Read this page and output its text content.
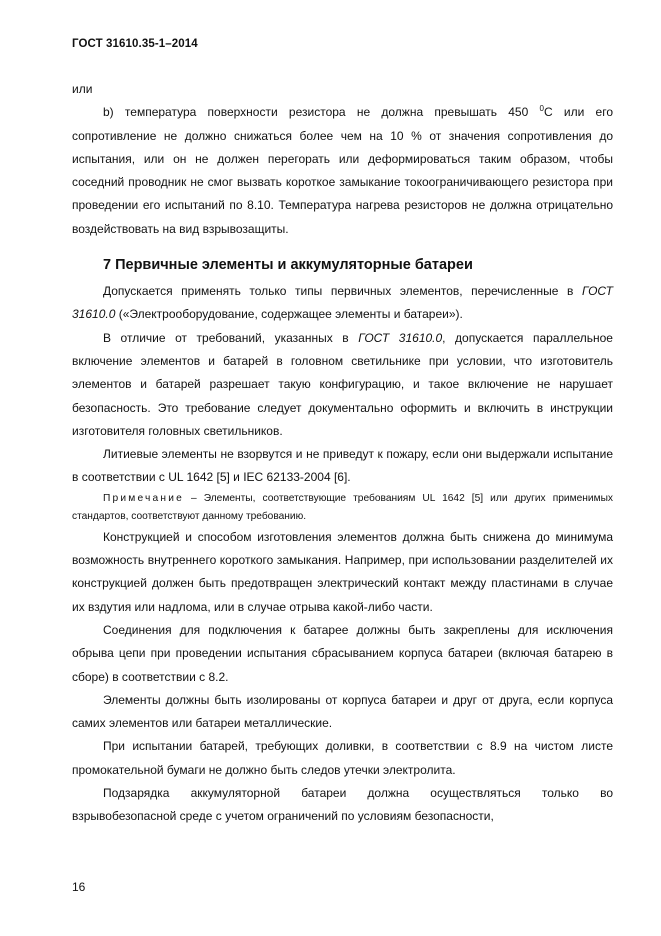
ГОСТ 31610.35-1–2014

или

b) температура поверхности резистора не должна превышать 450 $^0$С или его сопротивление не должно снижаться более чем на 10 % от значения сопротивления до испытания, или он не должен перегорать или деформироваться таким образом, чтобы соседний проводник не смог вызвать короткое замыкание токоограничивающего резистора при проведении его испытаний по 8.10. Температура нагрева резисторов не должна отрицательно воздействовать на вид взрывозащиты.

7 Первичные элементы и аккумуляторные батареи

Допускается применять только типы первичных элементов, перечисленные в ГОСТ 31610.0 («Электрооборудование, содержащее элементы и батареи»).

В отличие от требований, указанных в ГОСТ 31610.0, допускается параллельное включение элементов и батарей в головном светильнике при условии, что изготовитель элементов и батарей разрешает такую конфигурацию, и такое включение не нарушает безопасность. Это требование следует документально оформить и включить в инструкции изготовителя головных светильников.

Литиевые элементы не взорвутся и не приведут к пожару, если они выдержали испытание в соответствии с UL 1642 [5] и IEC 62133-2004 [6].

Примечание – Элементы, соответствующие требованиям UL 1642 [5] или других применимых стандартов, соответствуют данному требованию.

Конструкцией и способом изготовления элементов должна быть снижена до минимума возможность внутреннего короткого замыкания. Например, при использовании разделителей их конструкцией должен быть предотвращен электрический контакт между пластинами в случае их вздутия или надлома, или в случае отрыва какой-либо части.

Соединения для подключения к батарее должны быть закреплены для исключения обрыва цепи при проведении испытания сбрасыванием корпуса батареи (включая батарею в сборе) в соответствии с 8.2.

Элементы должны быть изолированы от корпуса батареи и друг от друга, если корпуса самих элементов или батареи металлические.

При испытании батарей, требующих доливки, в соответствии с 8.9 на чистом листе промокательной бумаги не должно быть следов утечки электролита.

Подзарядка аккумуляторной батареи должна осуществляться только во взрывобезопасной среде с учетом ограничений по условиям безопасности,

16
